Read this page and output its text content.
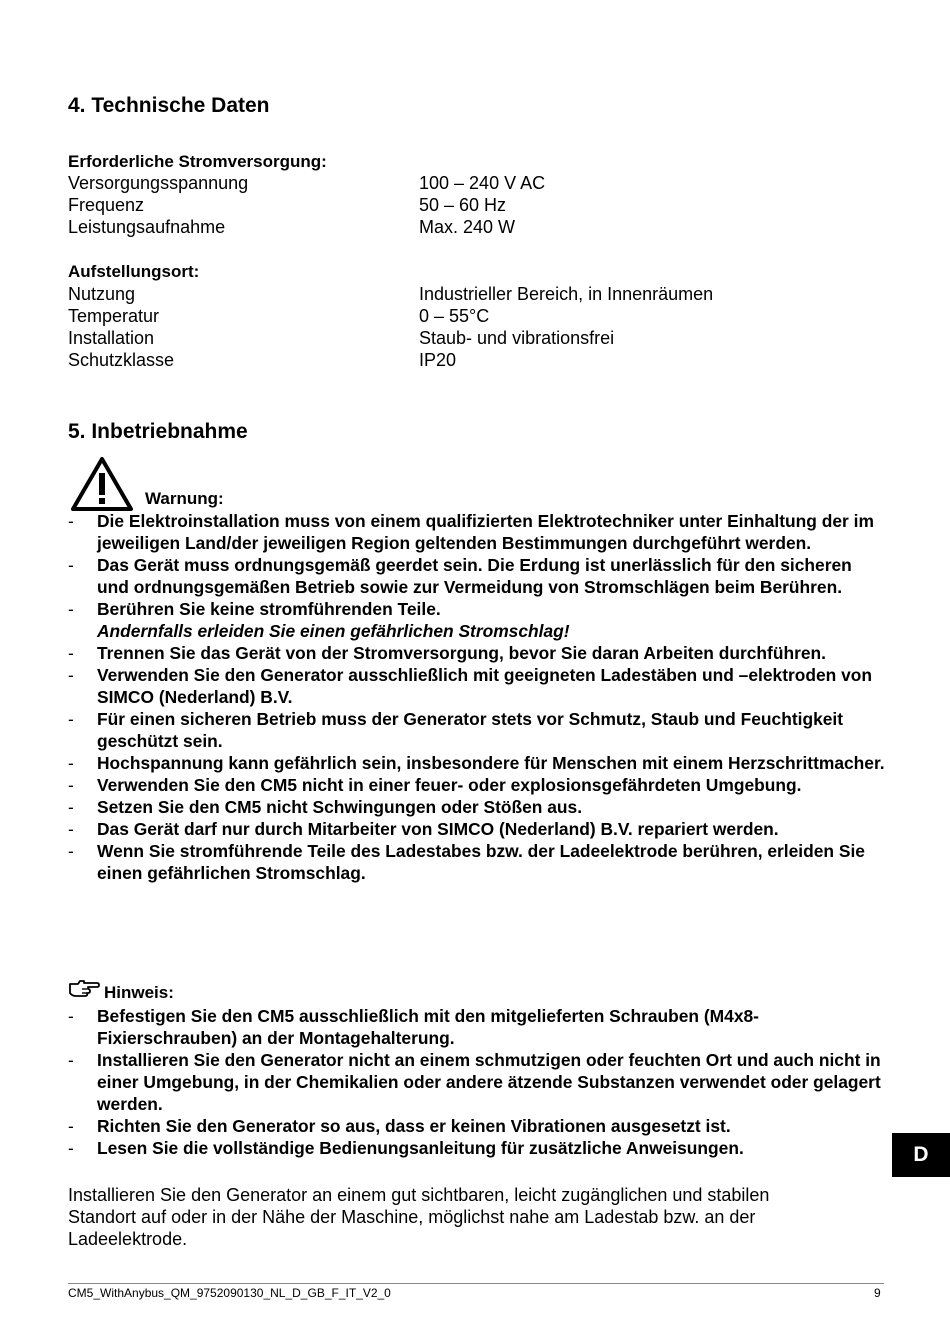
4. Technische Daten
Erforderliche Stromversorgung:
Versorgungsspannung	100 – 240 V AC
Frequenz	50 – 60 Hz
Leistungsaufnahme	Max. 240 W
Aufstellungsort:
Nutzung	Industrieller Bereich, in Innenräumen
Temperatur	0 – 55°C
Installation	Staub- und vibrationsfrei
Schutzklasse	IP20
5. Inbetriebnahme
Warnung:
- Die Elektroinstallation muss von einem qualifizierten Elektrotechniker unter Einhaltung der im jeweiligen Land/der jeweiligen Region geltenden Bestimmungen durchgeführt werden.
- Das Gerät muss ordnungsgemäß geerdet sein. Die Erdung ist unerlässlich für den sicheren und ordnungsgemäßen Betrieb sowie zur Vermeidung von Stromschlägen beim Berühren.
- Berühren Sie keine stromführenden Teile.
Andernfalls erleiden Sie einen gefährlichen Stromschlag!
- Trennen Sie das Gerät von der Stromversorgung, bevor Sie daran Arbeiten durchführen.
- Verwenden Sie den Generator ausschließlich mit geeigneten Ladestäben und –elektroden von SIMCO (Nederland) B.V.
- Für einen sicheren Betrieb muss der Generator stets vor Schmutz, Staub und Feuchtigkeit geschützt sein.
- Hochspannung kann gefährlich sein, insbesondere für Menschen mit einem Herzschrittmacher.
- Verwenden Sie den CM5 nicht in einer feuer- oder explosionsgefährdeten Umgebung.
- Setzen Sie den CM5 nicht Schwingungen oder Stößen aus.
- Das Gerät darf nur durch Mitarbeiter von SIMCO (Nederland) B.V. repariert werden.
- Wenn Sie stromführende Teile des Ladestabes bzw. der Ladeelektrode berühren, erleiden Sie einen gefährlichen Stromschlag.
Hinweis:
- Befestigen Sie den CM5 ausschließlich mit den mitgelieferten Schrauben (M4x8-Fixierschrauben) an der Montagehalterung.
- Installieren Sie den Generator nicht an einem schmutzigen oder feuchten Ort und auch nicht in einer Umgebung, in der Chemikalien oder andere ätzende Substanzen verwendet oder gelagert werden.
- Richten Sie den Generator so aus, dass er keinen Vibrationen ausgesetzt ist.
- Lesen Sie die vollständige Bedienungsanleitung für zusätzliche Anweisungen.
Installieren Sie den Generator an einem gut sichtbaren, leicht zugänglichen und stabilen Standort auf oder in der Nähe der Maschine, möglichst nahe am Ladestab bzw. an der Ladeelektrode.
D
CM5_WithAnybus_QM_9752090130_NL_D_GB_F_IT_V2_0	9
